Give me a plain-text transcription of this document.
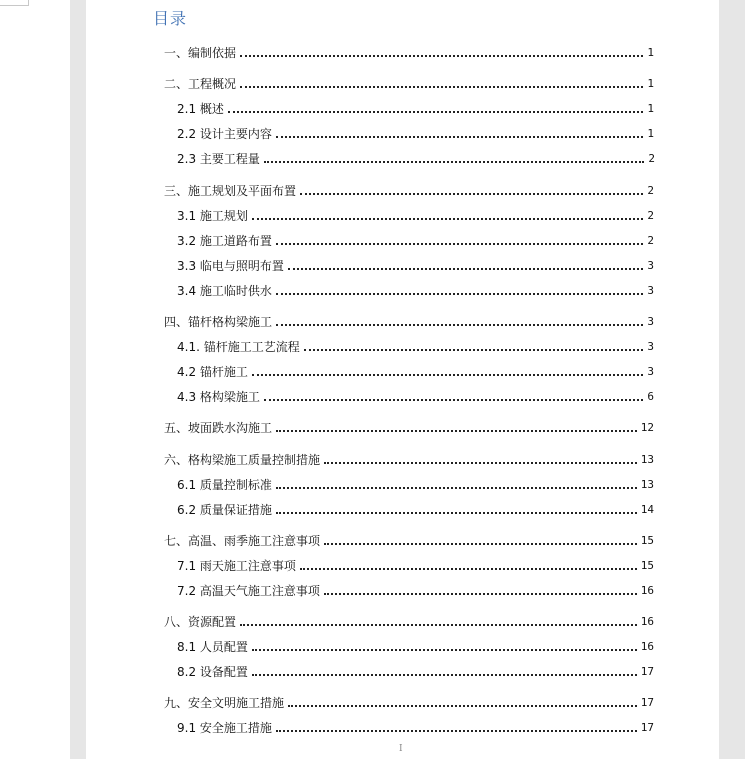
目录
一、编制依据	1
二、工程概况	1
2.1 概述	1
2.2 设计主要内容	1
2.3 主要工程量	2
三、施工规划及平面布置	2
3.1 施工规划	2
3.2 施工道路布置	2
3.3 临电与照明布置	3
3.4 施工临时供水	3
四、锚杆格构梁施工	3
4.1. 锚杆施工工艺流程	3
4.2 锚杆施工	3
4.3 格构梁施工	6
五、坡面跌水沟施工	12
六、格构梁施工质量控制措施	13
6.1 质量控制标准	13
6.2 质量保证措施	14
七、高温、雨季施工注意事项	15
7.1 雨天施工注意事项	15
7.2 高温天气施工注意事项	16
八、资源配置	16
8.1 人员配置	16
8.2 设备配置	17
九、安全文明施工措施	17
9.1 安全施工措施	17
I
